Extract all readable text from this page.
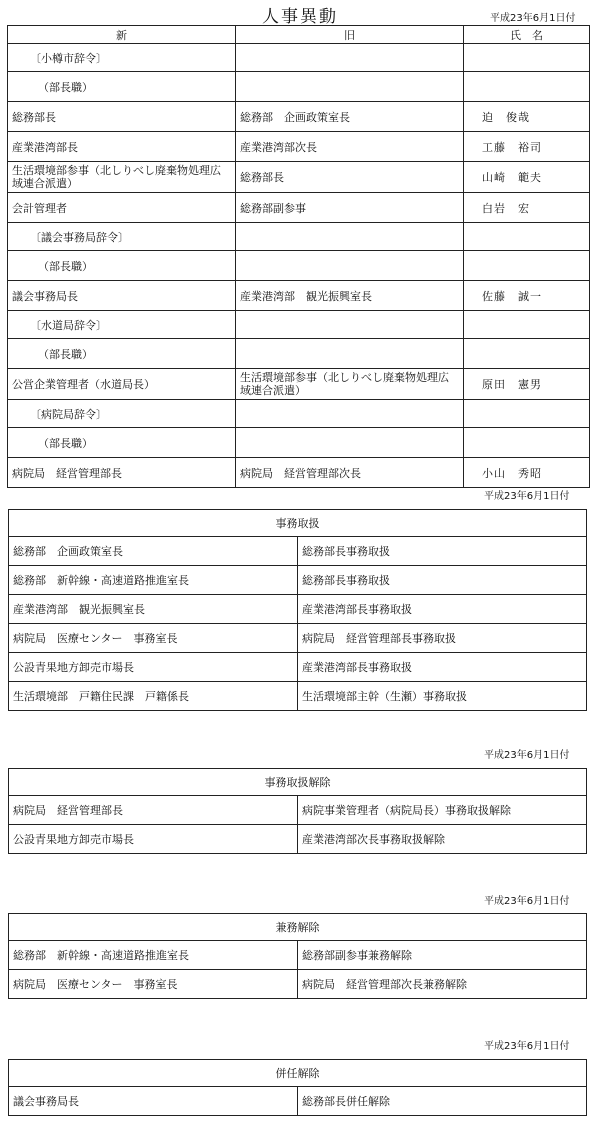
人事異動	平成23年6月1日付
新	旧	氏　名
〔小樽市辞令〕		
（部長職）		
総務部長	総務部　企画政策室長	迫　俊哉
産業港湾部長	産業港湾部次長	工藤　裕司
生活環境部参事（北しりべし廃棄物処理広域連合派遣）	総務部長	山崎　範夫
会計管理者	総務部副参事	白岩　宏
〔議会事務局辞令〕		
（部長職）		
議会事務局長	産業港湾部　観光振興室長	佐藤　誠一
〔水道局辞令〕		
（部長職）		
公営企業管理者（水道局長）	生活環境部参事（北しりべし廃棄物処理広域連合派遣）	原田　憲男
〔病院局辞令〕		
（部長職）		
病院局　経営管理部長	病院局　経営管理部次長	小山　秀昭
平成23年6月1日付
事務取扱	
総務部　企画政策室長	総務部長事務取扱
総務部　新幹線・高速道路推進室長	総務部長事務取扱
産業港湾部　観光振興室長	産業港湾部長事務取扱
病院局　医療センター　事務室長	病院局　経営管理部長事務取扱
公設青果地方卸売市場長	産業港湾部長事務取扱
生活環境部　戸籍住民課　戸籍係長	生活環境部主幹（生瀬）事務取扱
平成23年6月1日付
事務取扱解除	
病院局　経営管理部長	病院事業管理者（病院局長）事務取扱解除
公設青果地方卸売市場長	産業港湾部次長事務取扱解除
平成23年6月1日付
兼務解除	
総務部　新幹線・高速道路推進室長	総務部副参事兼務解除
病院局　医療センター　事務室長	病院局　経営管理部次長兼務解除
平成23年6月1日付
併任解除
議会事務局長	総務部長併任解除
